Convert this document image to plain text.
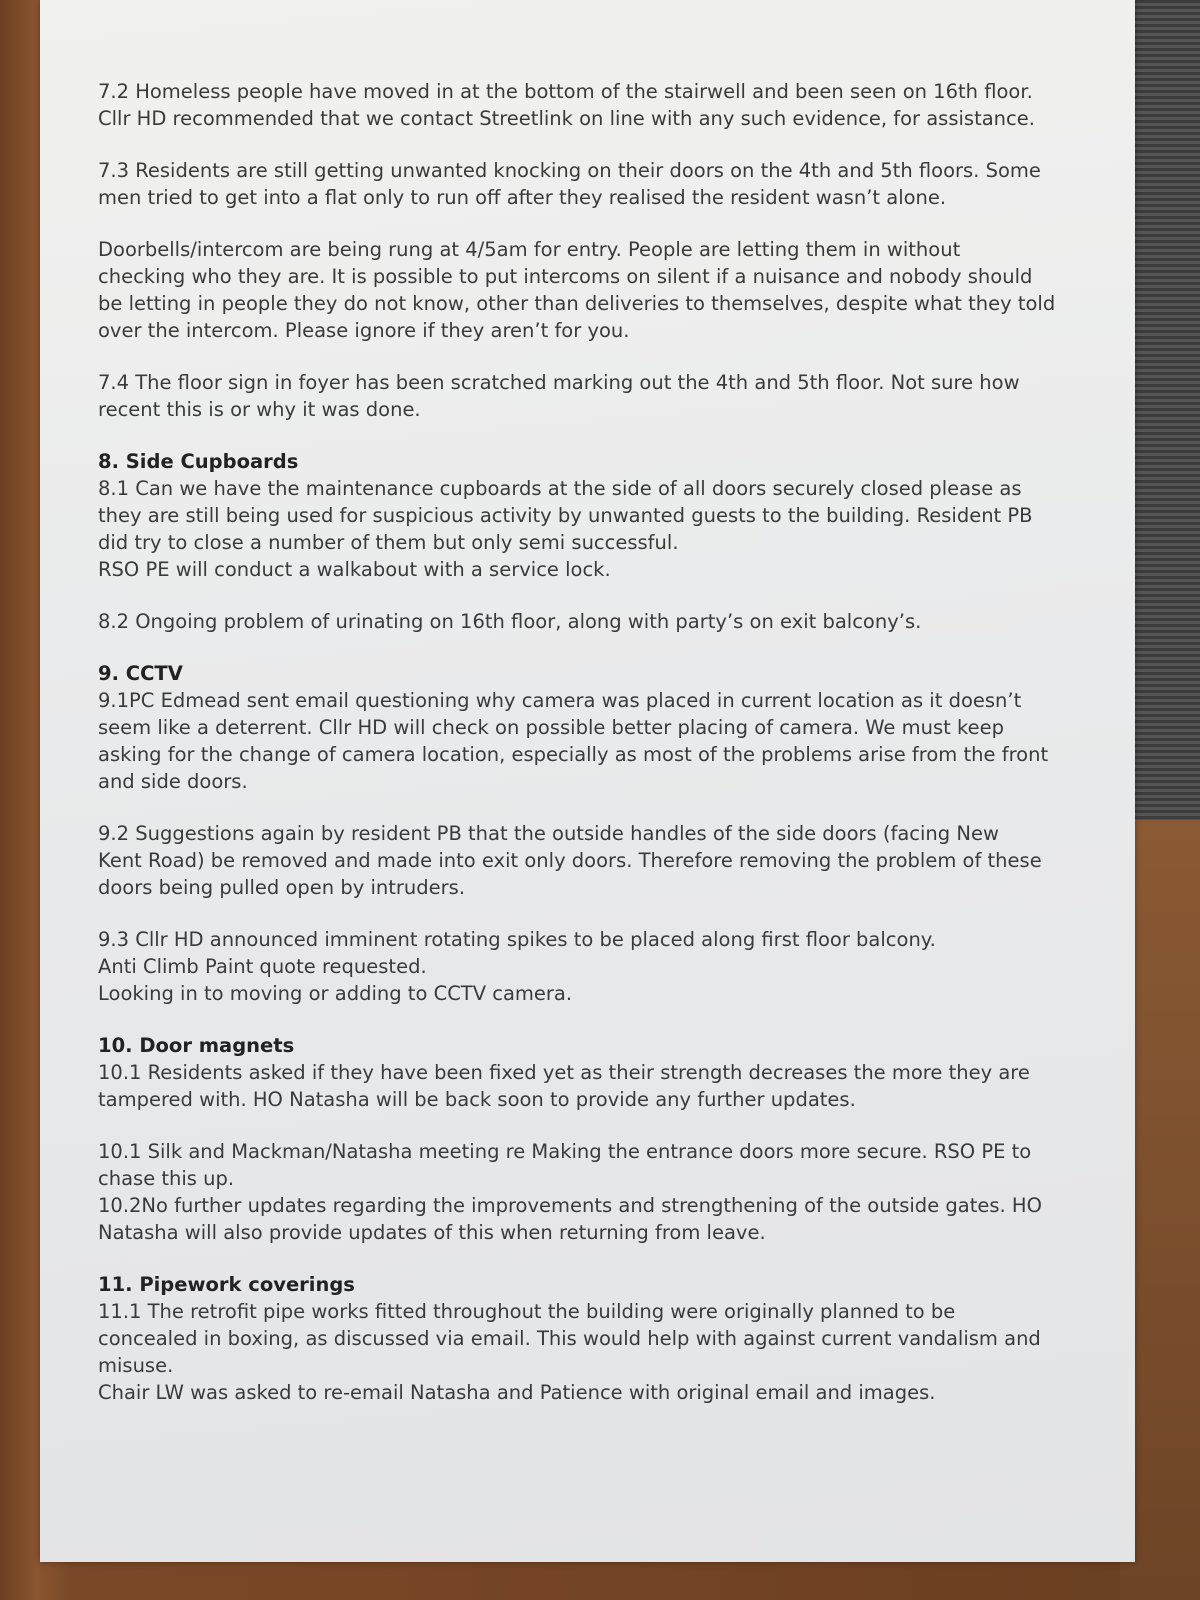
7.2 Homeless people have moved in at the bottom of the stairwell and been seen on 16th floor.
Cllr HD recommended that we contact Streetlink on line with any such evidence, for assistance.
7.3 Residents are still getting unwanted knocking on their doors on the 4th and 5th floors. Some
men tried to get into a flat only to run off after they realised the resident wasn’t alone.
Doorbells/intercom are being rung at 4/5am for entry. People are letting them in without
checking who they are. It is possible to put intercoms on silent if a nuisance and nobody should
be letting in people they do not know, other than deliveries to themselves, despite what they told
over the intercom. Please ignore if they aren’t for you.
7.4 The floor sign in foyer has been scratched marking out the 4th and 5th floor. Not sure how
recent this is or why it was done.
8. Side Cupboards
8.1 Can we have the maintenance cupboards at the side of all doors securely closed please as
they are still being used for suspicious activity by unwanted guests to the building. Resident PB
did try to close a number of them but only semi successful.
RSO PE will conduct a walkabout with a service lock.
8.2 Ongoing problem of urinating on 16th floor, along with party’s on exit balcony’s.
9. CCTV
9.1PC Edmead sent email questioning why camera was placed in current location as it doesn’t
seem like a deterrent. Cllr HD will check on possible better placing of camera. We must keep
asking for the change of camera location, especially as most of the problems arise from the front
and side doors.
9.2 Suggestions again by resident PB that the outside handles of the side doors (facing New
Kent Road) be removed and made into exit only doors. Therefore removing the problem of these
doors being pulled open by intruders.
9.3 Cllr HD announced imminent rotating spikes to be placed along first floor balcony.
Anti Climb Paint quote requested.
Looking in to moving or adding to CCTV camera.
10. Door magnets
10.1 Residents asked if they have been fixed yet as their strength decreases the more they are
tampered with. HO Natasha will be back soon to provide any further updates.
10.1 Silk and Mackman/Natasha meeting re Making the entrance doors more secure. RSO PE to
chase this up.
10.2No further updates regarding the improvements and strengthening of the outside gates. HO
Natasha will also provide updates of this when returning from leave.
11. Pipework coverings
11.1 The retrofit pipe works fitted throughout the building were originally planned to be
concealed in boxing, as discussed via email. This would help with against current vandalism and
misuse.
Chair LW was asked to re-email Natasha and Patience with original email and images.
